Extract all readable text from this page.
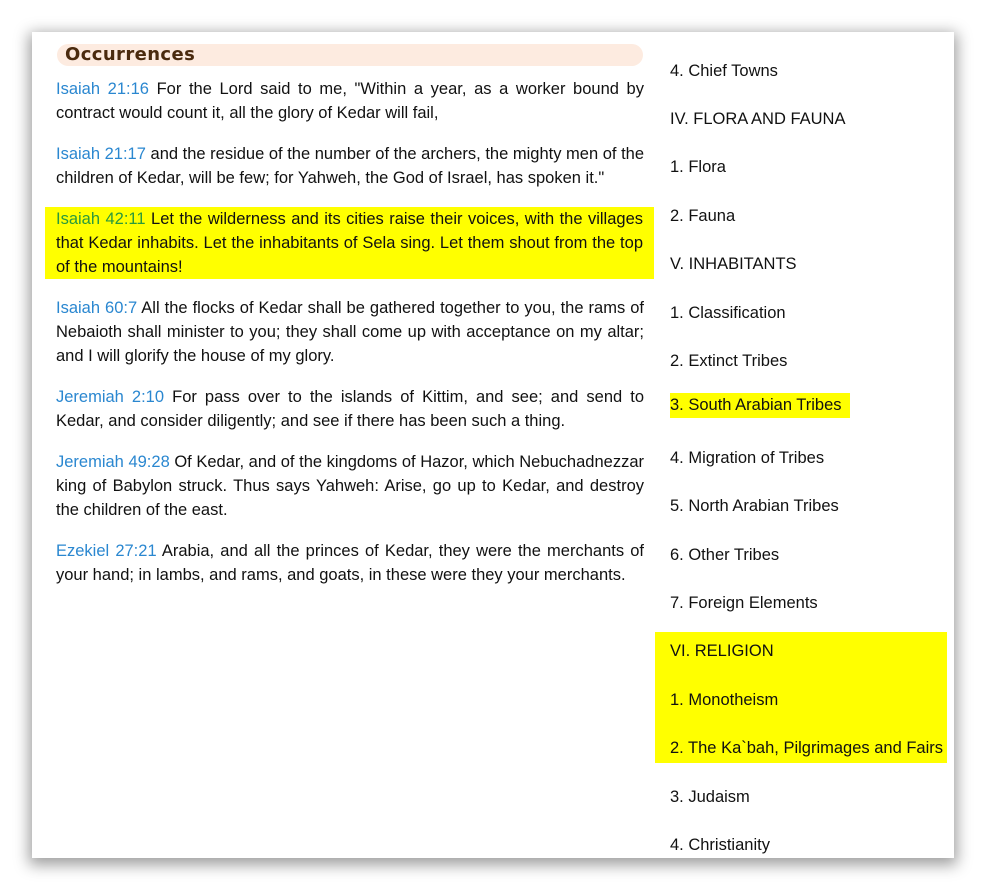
Occurrences
Isaiah 21:16 For the Lord said to me, "Within a year, as a worker bound by contract would count it, all the glory of Kedar will fail,
Isaiah 21:17 and the residue of the number of the archers, the mighty men of the children of Kedar, will be few; for Yahweh, the God of Israel, has spoken it."
Isaiah 42:11 Let the wilderness and its cities raise their voices, with the villages that Kedar inhabits. Let the inhabitants of Sela sing. Let them shout from the top of the mountains!
Isaiah 60:7 All the flocks of Kedar shall be gathered together to you, the rams of Nebaioth shall minister to you; they shall come up with acceptance on my altar; and I will glorify the house of my glory.
Jeremiah 2:10 For pass over to the islands of Kittim, and see; and send to Kedar, and consider diligently; and see if there has been such a thing.
Jeremiah 49:28 Of Kedar, and of the kingdoms of Hazor, which Nebuchadnezzar king of Babylon struck. Thus says Yahweh: Arise, go up to Kedar, and destroy the children of the east.
Ezekiel 27:21 Arabia, and all the princes of Kedar, they were the merchants of your hand; in lambs, and rams, and goats, in these were they your merchants.
4. Chief Towns
IV. FLORA AND FAUNA
1. Flora
2. Fauna
V. INHABITANTS
1. Classification
2. Extinct Tribes
3. South Arabian Tribes
4. Migration of Tribes
5. North Arabian Tribes
6. Other Tribes
7. Foreign Elements
VI. RELIGION
1. Monotheism
2. The Ka`bah, Pilgrimages and Fairs
3. Judaism
4. Christianity
